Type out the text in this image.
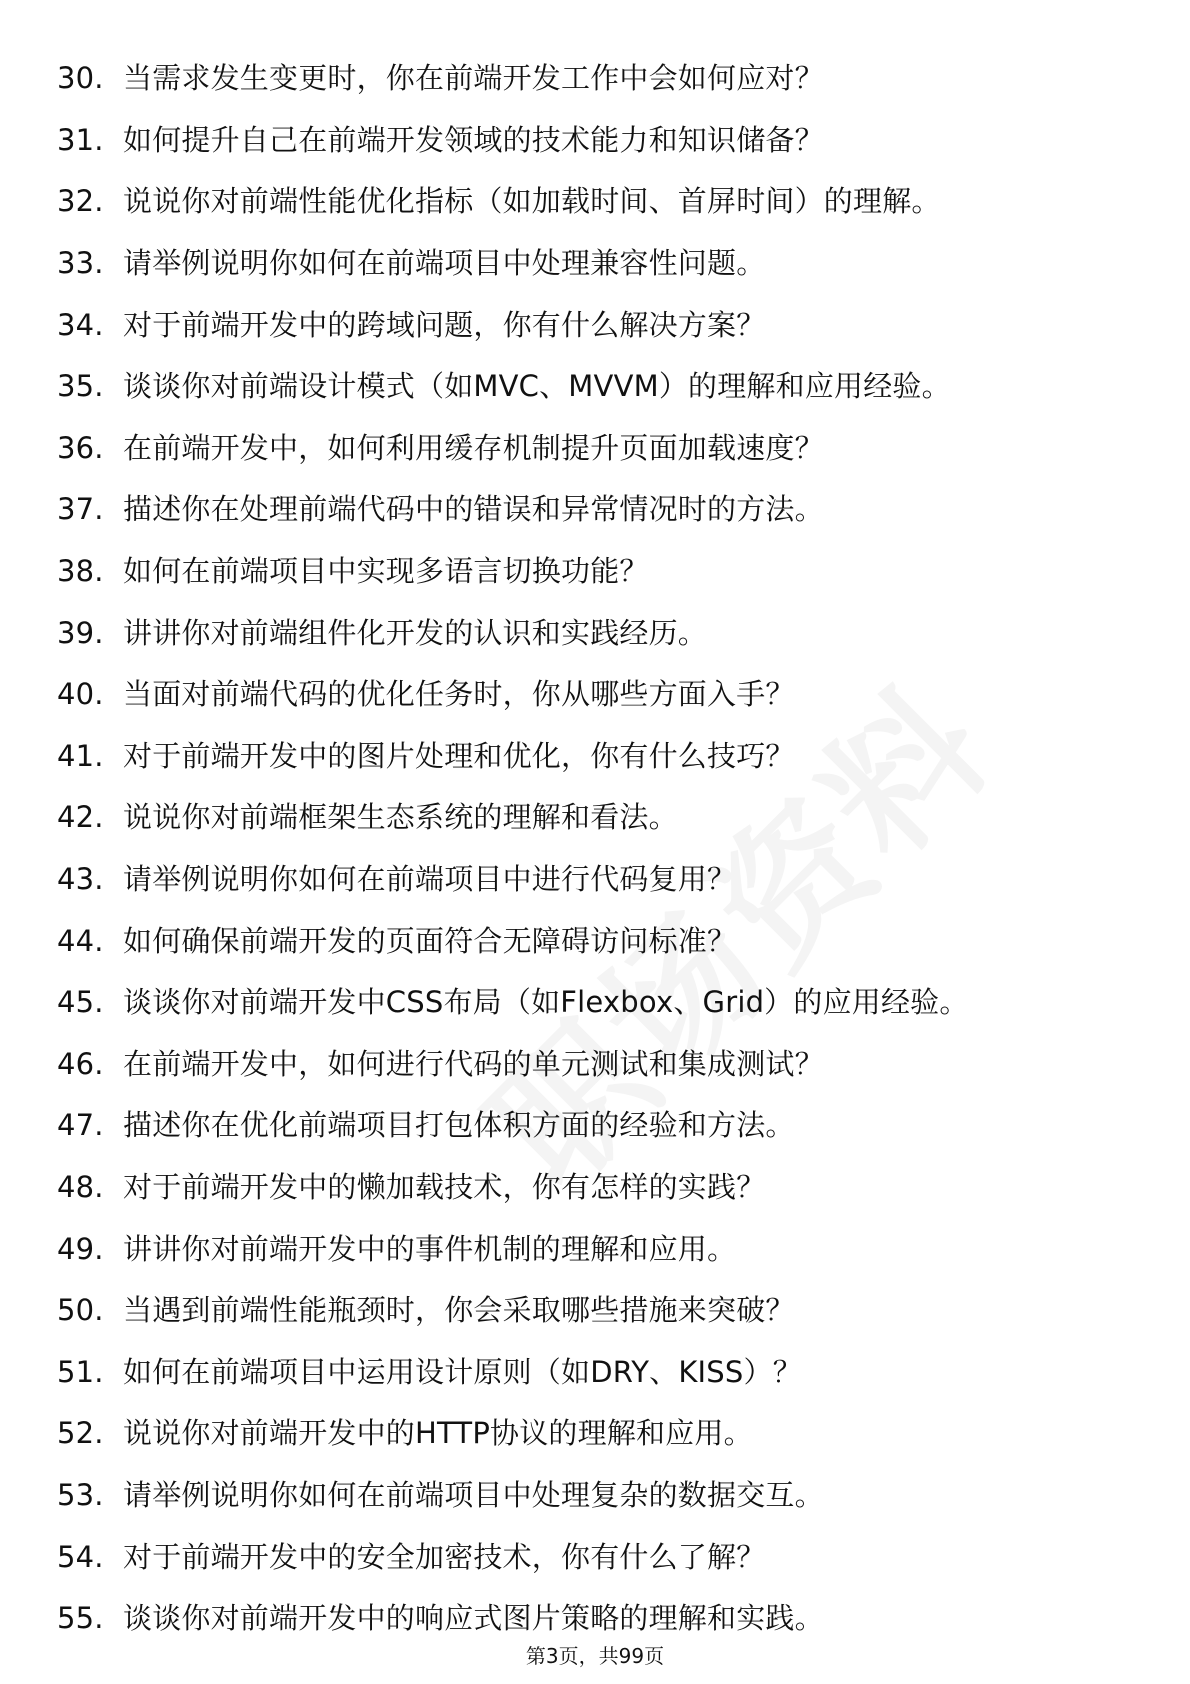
30. 当需求发生变更时，你在前端开发工作中会如何应对？
31. 如何提升自己在前端开发领域的技术能力和知识储备？
32. 说说你对前端性能优化指标（如加载时间、首屏时间）的理解。
33. 请举例说明你如何在前端项目中处理兼容性问题。
34. 对于前端开发中的跨域问题，你有什么解决方案？
35. 谈谈你对前端设计模式（如MVC、MVVM）的理解和应用经验。
36. 在前端开发中，如何利用缓存机制提升页面加载速度？
37. 描述你在处理前端代码中的错误和异常情况时的方法。
38. 如何在前端项目中实现多语言切换功能？
39. 讲讲你对前端组件化开发的认识和实践经历。
40. 当面对前端代码的优化任务时，你从哪些方面入手？
41. 对于前端开发中的图片处理和优化，你有什么技巧？
42. 说说你对前端框架生态系统的理解和看法。
43. 请举例说明你如何在前端项目中进行代码复用？
44. 如何确保前端开发的页面符合无障碍访问标准？
45. 谈谈你对前端开发中CSS布局（如Flexbox、Grid）的应用经验。
46. 在前端开发中，如何进行代码的单元测试和集成测试？
47. 描述你在优化前端项目打包体积方面的经验和方法。
48. 对于前端开发中的懒加载技术，你有怎样的实践？
49. 讲讲你对前端开发中的事件机制的理解和应用。
50. 当遇到前端性能瓶颈时，你会采取哪些措施来突破？
51. 如何在前端项目中运用设计原则（如DRY、KISS）？
52. 说说你对前端开发中的HTTP协议的理解和应用。
53. 请举例说明你如何在前端项目中处理复杂的数据交互。
54. 对于前端开发中的安全加密技术，你有什么了解？
55. 谈谈你对前端开发中的响应式图片策略的理解和实践。
第3页，共99页
